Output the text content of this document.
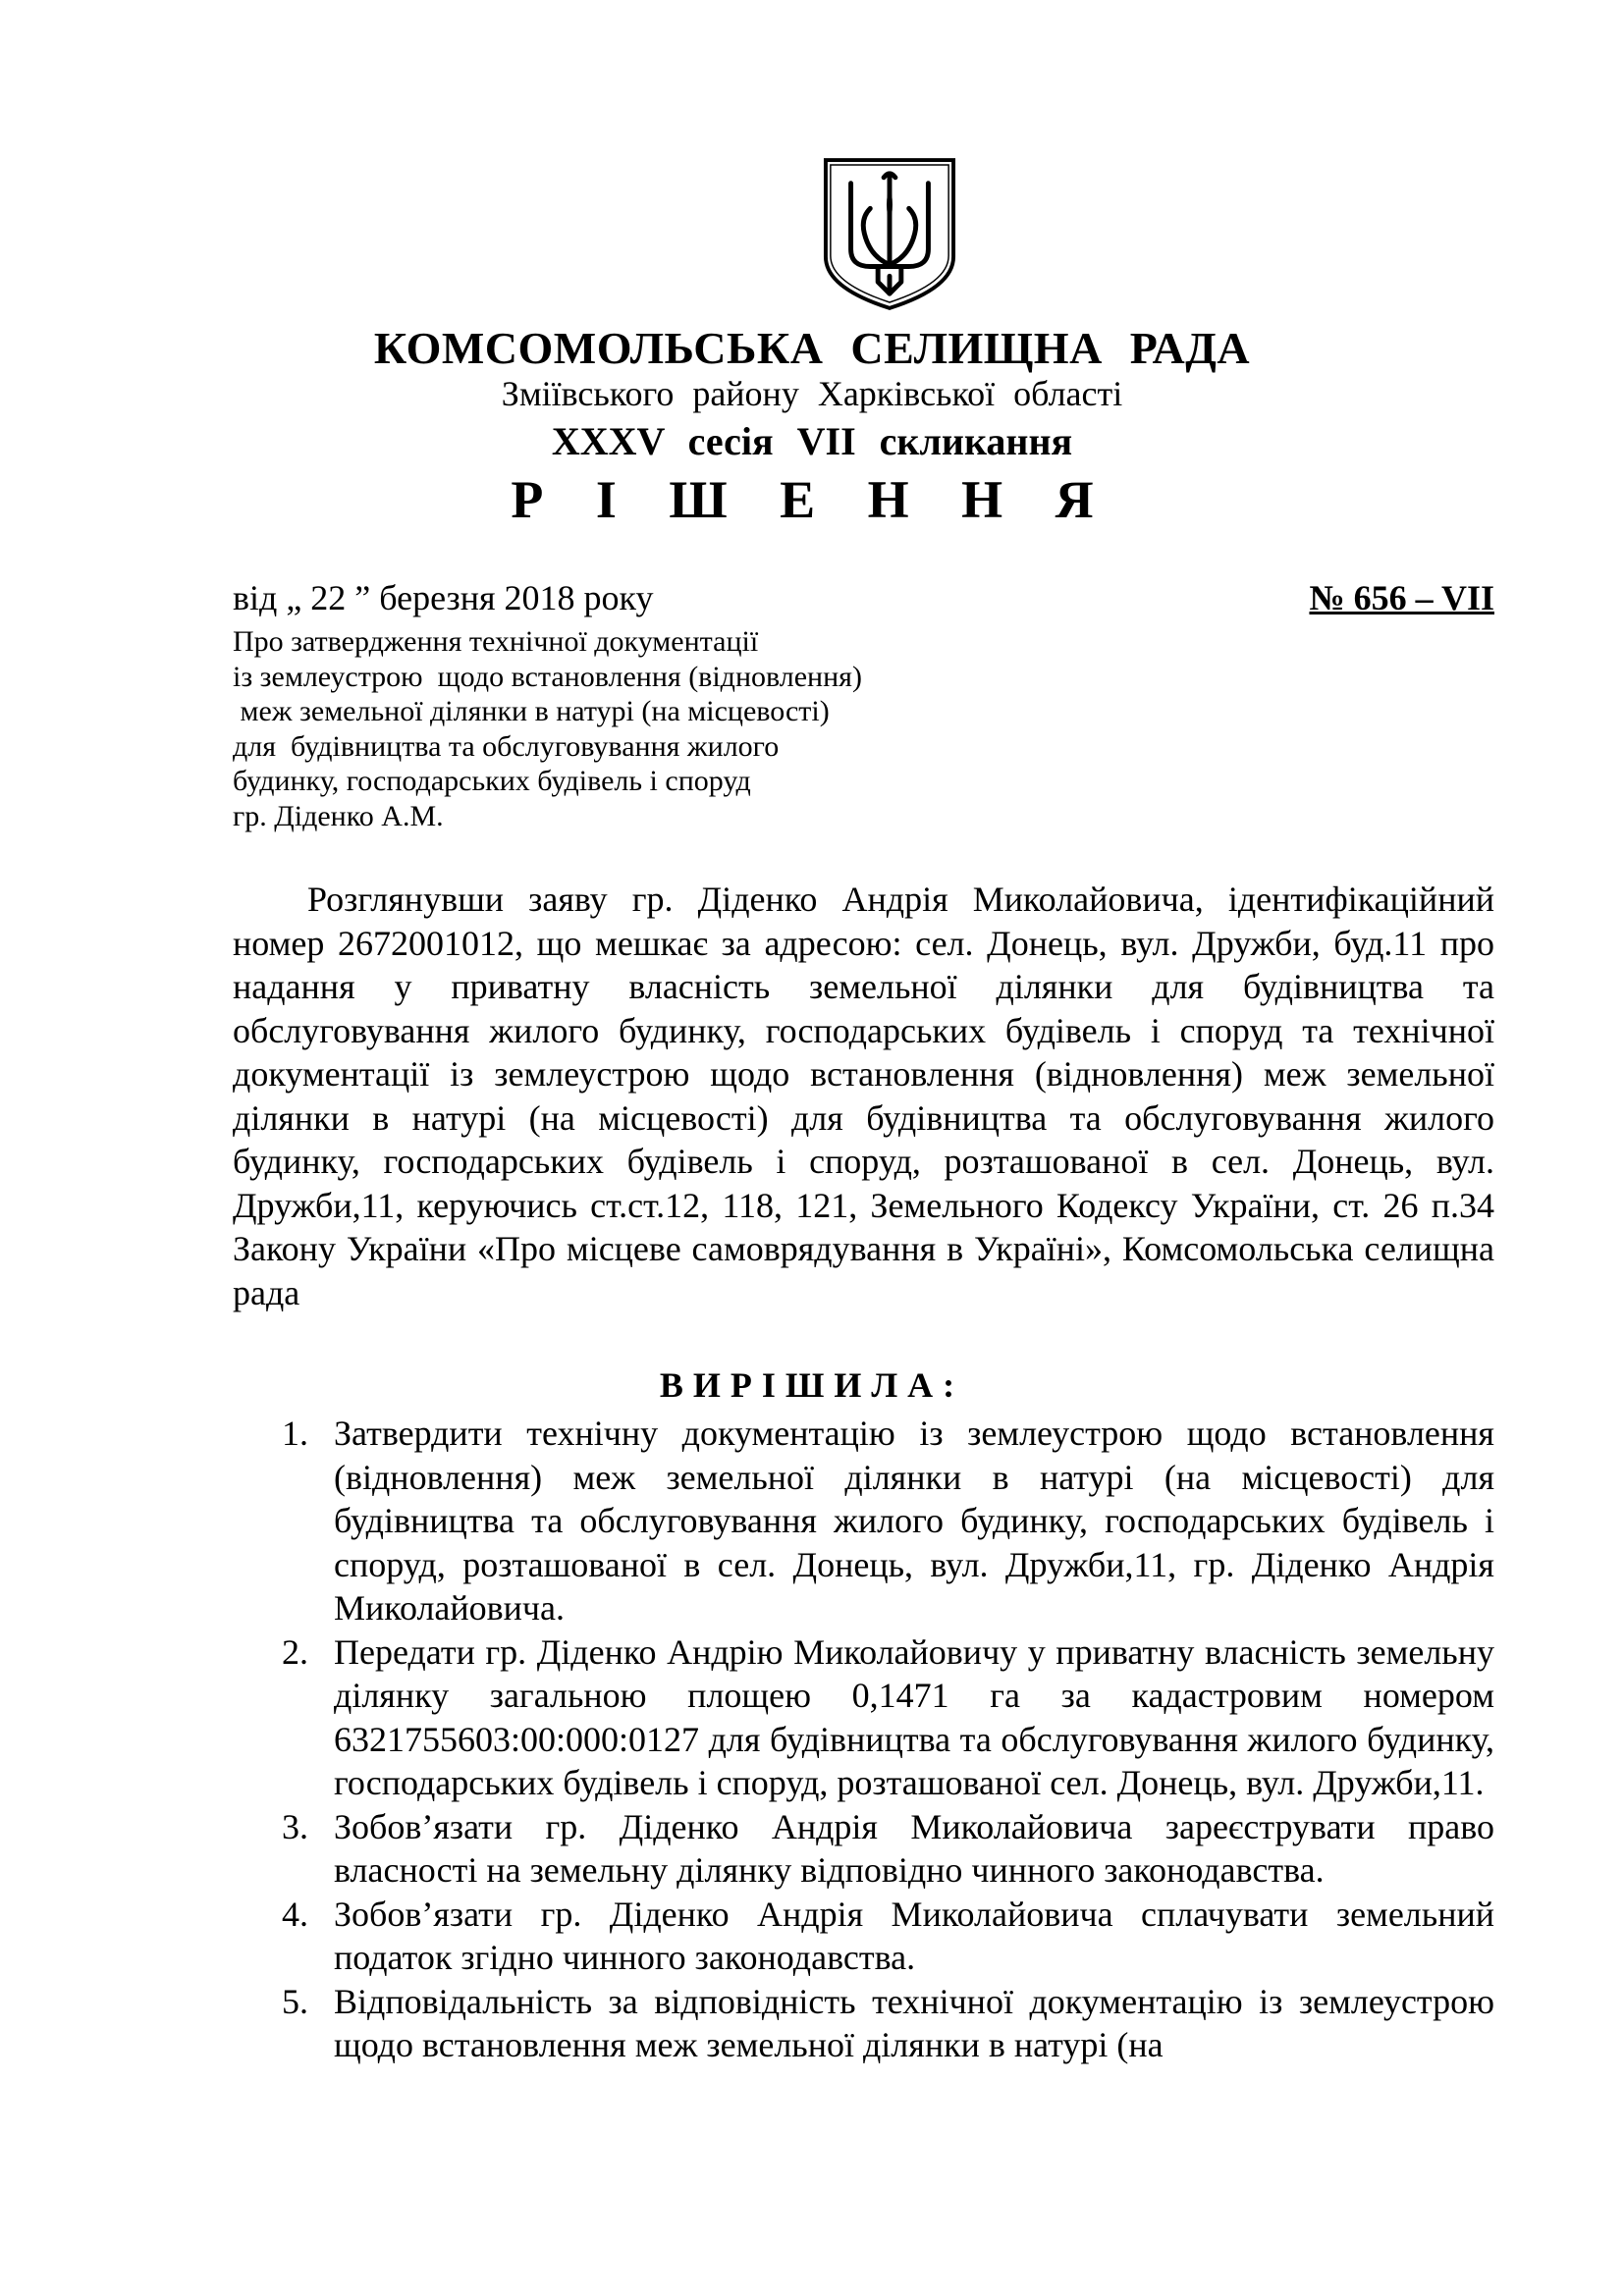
КОМСОМОЛЬСЬКА СЕЛИЩНА РАДА
Зміївського району Харківської області
XXXV сесія VII скликання
Р І Ш Е Н Н Я
від „ 22 ” березня 2018 року	№ 656 – VII
Про затвердження технічної документації
із землеустрою  щодо встановлення (відновлення)
меж земельної ділянки в натурі (на місцевості)
для  будівництва та обслуговування жилого
будинку, господарських будівель і споруд
гр. Діденко А.М.

Розглянувши заяву гр. Діденко Андрія Миколайовича, ідентифікаційний номер 2672001012, що мешкає за адресою: сел. Донець, вул. Дружби, буд.11 про надання у приватну власність земельної ділянки для будівництва та обслуговування жилого будинку, господарських будівель і споруд та технічної документації із землеустрою щодо встановлення (відновлення) меж земельної ділянки в натурі (на місцевості) для будівництва та обслуговування жилого будинку, господарських будівель і споруд, розташованої в сел. Донець, вул. Дружби,11, керуючись ст.ст.12, 118, 121, Земельного Кодексу України, ст. 26 п.34 Закону України «Про місцеве самоврядування в Україні», Комсомольська селищна рада

ВИРІШИЛА:
1. Затвердити технічну документацію із землеустрою щодо встановлення (відновлення) меж земельної ділянки в натурі (на місцевості) для будівництва та обслуговування жилого будинку, господарських будівель і споруд, розташованої в сел. Донець, вул. Дружби,11, гр. Діденко Андрія Миколайовича.
2. Передати гр. Діденко Андрію Миколайовичу у приватну власність земельну ділянку загальною площею 0,1471 га за кадастровим номером 6321755603:00:000:0127 для будівництва та обслуговування жилого будинку, господарських будівель і споруд, розташованої сел. Донець, вул. Дружби,11.
3. Зобов’язати гр. Діденко Андрія Миколайовича зареєструвати право власності на земельну ділянку відповідно чинного законодавства.
4. Зобов’язати гр. Діденко Андрія Миколайовича сплачувати земельний податок згідно чинного законодавства.
5. Відповідальність за відповідність технічної документацію із землеустрою щодо встановлення меж земельної ділянки в натурі (на
